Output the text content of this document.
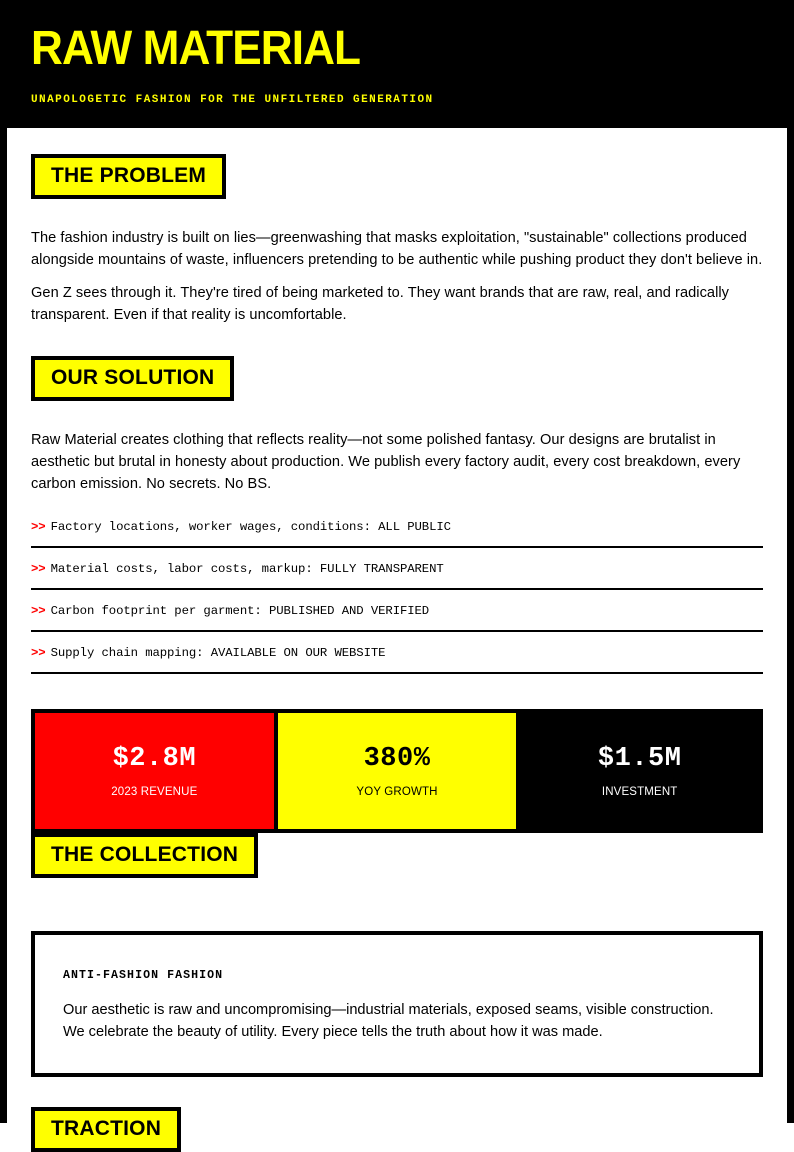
RAW MATERIAL

UNAPOLOGETIC FASHION FOR THE UNFILTERED GENERATION

THE PROBLEM

The fashion industry is built on lies—greenwashing that masks exploitation, "sustainable" collections produced alongside mountains of waste, influencers pretending to be authentic while pushing product they don't believe in.

Gen Z sees through it. They're tired of being marketed to. They want brands that are raw, real, and radically transparent. Even if that reality is uncomfortable.

OUR SOLUTION

Raw Material creates clothing that reflects reality—not some polished fantasy. Our designs are brutalist in aesthetic but brutal in honesty about production. We publish every factory audit, every cost breakdown, every carbon emission. No secrets. No BS.

>> Factory locations, worker wages, conditions: ALL PUBLIC
>> Material costs, labor costs, markup: FULLY TRANSPARENT
>> Carbon footprint per garment: PUBLISHED AND VERIFIED
>> Supply chain mapping: AVAILABLE ON OUR WEBSITE
$2.8M
2023 REVENUE
380%
YOY GROWTH
$1.5M
INVESTMENT
THE COLLECTION
ANTI-FASHION FASHION

Our aesthetic is raw and uncompromising—industrial materials, exposed seams, visible construction. We celebrate the beauty of utility. Every piece tells the truth about how it was made.

TRACTION
